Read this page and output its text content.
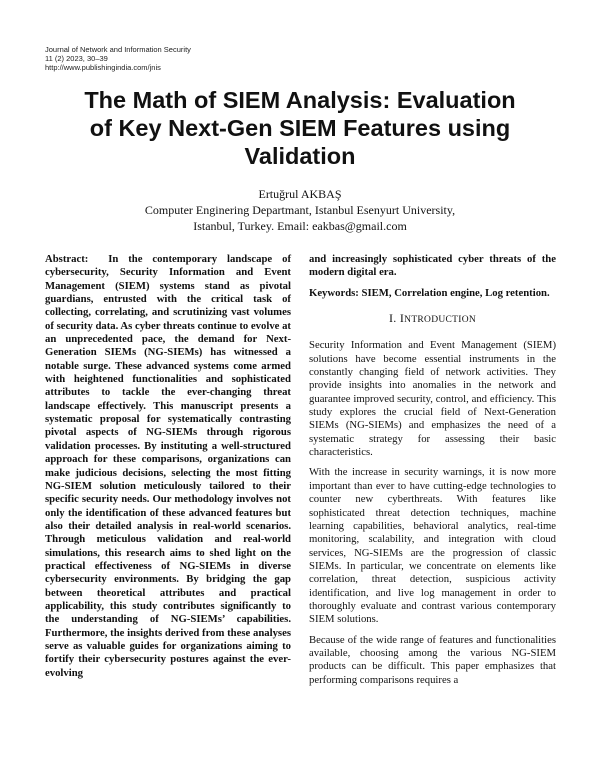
Journal of Network and Information Security
11 (2) 2023, 30–39
http://www.publishingindia.com/jnis
The Math of SIEM Analysis: Evaluation
of Key Next-Gen SIEM Features using
Validation
Ertuğrul AKBAŞ
Computer Enginering Departmant, Istanbul Esenyurt University,
Istanbul, Turkey. Email: eakbas@gmail.com
Abstract: In the contemporary landscape of cybersecurity, Security Information and Event Management (SIEM) systems stand as pivotal guardians, entrusted with the critical task of collecting, correlating, and scrutinizing vast volumes of security data. As cyber threats continue to evolve at an unprecedented pace, the demand for Next-Generation SIEMs (NG-SIEMs) has witnessed a notable surge. These advanced systems come armed with heightened functionalities and sophisticated attributes to tackle the ever-changing threat landscape effectively. This manuscript presents a systematic proposal for systematically contrasting pivotal aspects of NG-SIEMs through rigorous validation processes. By instituting a well-structured approach for these comparisons, organizations can make judicious decisions, selecting the most fitting NG-SIEM solution meticulously tailored to their specific security needs. Our methodology involves not only the identification of these advanced features but also their detailed analysis in real-world scenarios. Through meticulous validation and real-world simulations, this research aims to shed light on the practical effectiveness of NG-SIEMs in diverse cybersecurity environments. By bridging the gap between theoretical attributes and practical applicability, this study contributes significantly to the understanding of NG-SIEMs’ capabilities. Furthermore, the insights derived from these analyses serve as valuable guides for organizations aiming to fortify their cybersecurity postures against the ever-evolving
and increasingly sophisticated cyber threats of the modern digital era.
Keywords: SIEM, Correlation engine, Log retention.
I. INTRODUCTION
Security Information and Event Management (SIEM) solutions have become essential instruments in the constantly changing field of network activities. They provide insights into anomalies in the network and guarantee improved security, control, and efficiency. This study explores the crucial field of Next-Generation SIEMs (NG-SIEMs) and emphasizes the need of a systematic strategy for assessing their basic characteristics.
With the increase in security warnings, it is now more important than ever to have cutting-edge technologies to counter new cyberthreats. With features like sophisticated threat detection techniques, machine learning capabilities, behavioral analytics, real-time monitoring, scalability, and integration with cloud services, NG-SIEMs are the progression of classic SIEMs. In particular, we concentrate on elements like correlation, threat detection, suspicious activity identification, and live log management in order to thoroughly evaluate and contrast various contemporary SIEM solutions.
Because of the wide range of features and functionalities available, choosing among the various NG-SIEM products can be difficult. This paper emphasizes that performing comparisons requires a
